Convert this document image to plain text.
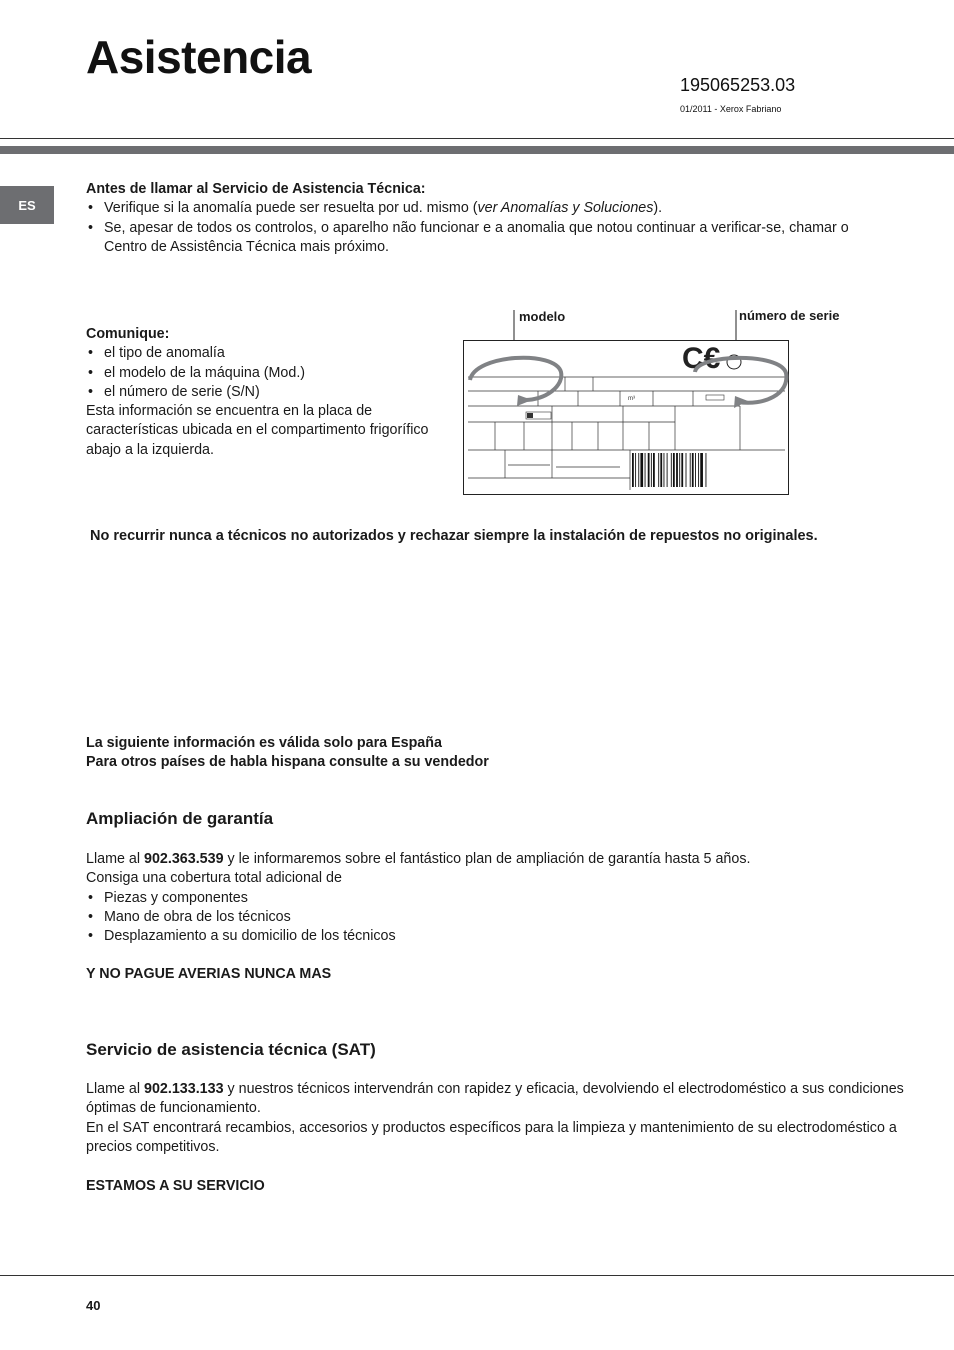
Asistencia
195065253.03
01/2011 - Xerox Fabriano
ES
Antes de llamar al Servicio de Asistencia Técnica:
• Verifique si la anomalía puede ser resuelta por ud. mismo (ver Anomalías y Soluciones).
• Se, apesar de todos os controlos, o aparelho não funcionar e a anomalia que notou continuar a verificar-se, chamar o Centro de Assistência Técnica mais próximo.
Comunique:
• el tipo de anomalía
• el modelo de la máquina (Mod.)
• el número de serie (S/N)
Esta información se encuentra en la placa de características ubicada en el compartimento frigorífico abajo a la izquierda.
modelo	número de serie
m³
C€
No recurrir nunca a técnicos no autorizados y rechazar siempre la instalación de repuestos no originales.
La siguiente información es válida solo para España
Para otros países de habla hispana consulte a su vendedor
Ampliación de garantía
Llame al 902.363.539 y le informaremos sobre el fantástico plan de ampliación de garantía hasta 5 años.
Consiga una cobertura total adicional de
• Piezas y componentes
• Mano de obra de los técnicos
• Desplazamiento a su domicilio de los técnicos
Y NO PAGUE AVERIAS NUNCA MAS
Servicio de asistencia técnica (SAT)
Llame al 902.133.133 y nuestros técnicos intervendrán con rapidez y eficacia, devolviendo el electrodoméstico a sus condiciones óptimas de funcionamiento.
En el SAT encontrará recambios, accesorios y productos específicos para la limpieza y mantenimiento de su electrodoméstico a precios competitivos.
ESTAMOS A SU SERVICIO
40
